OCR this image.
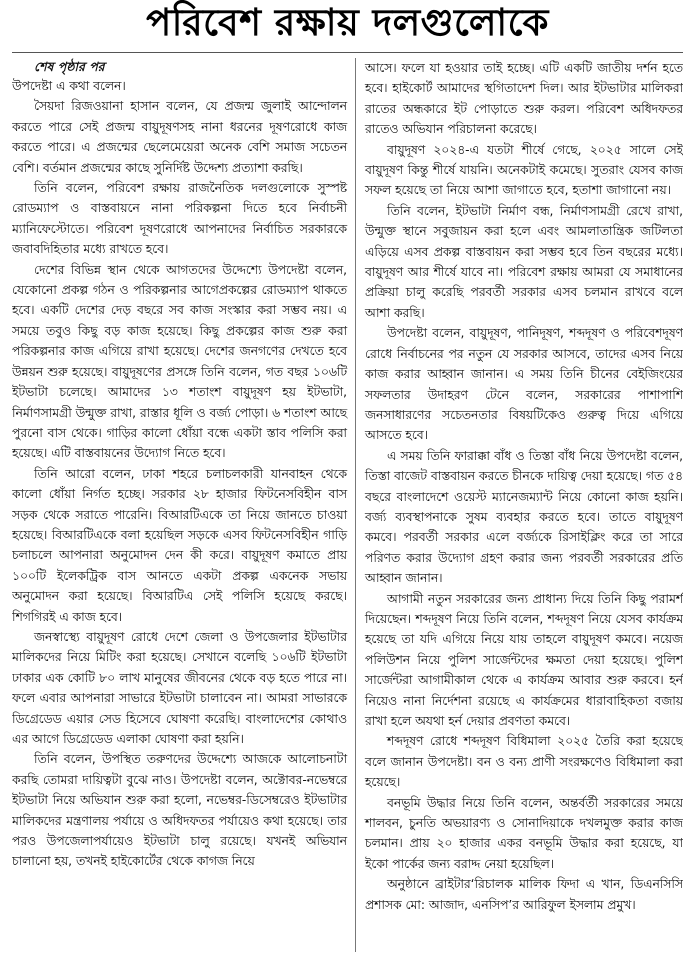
পরিবেশ রক্ষায় দলগুলোকে

শেষ পৃষ্ঠার পর

উপদেষ্টা এ কথা বলেন।

সৈয়দা রিজওয়ানা হাসান বলেন, যে প্রজন্ম জুলাই আন্দোলন করতে পারে সেই প্রজন্ম বায়ুদূষণসহ নানা ধরনের দূষণরোধে কাজ করতে পারে। এ প্রজন্মের ছেলেমেয়েরা অনেক বেশি সমাজ সচেতন বেশি। বর্তমান প্রজন্মের কাছে সুনির্দিষ্ট উদ্দেশ্য প্রত্যাশা করছি।

তিনি বলেন, পরিবেশ রক্ষায় রাজনৈতিক দলগুলোকে সুস্পষ্ট রোডম্যাপ ও বাস্তবায়নে নানা পরিকল্পনা দিতে হবে নির্বাচনী ম্যানিফেস্টোতে। পরিবেশ দূষণরোধে আপনাদের নির্বাচিত সরকারকে জবাবদিহিতার মধ্যে রাখতে হবে।

দেশের বিভিন্ন স্থান থেকে আগতদের উদ্দেশ্যে উপদেষ্টা বলেন, যেকোনো প্রকল্প গঠন ও পরিকল্পনার আগেপ্রকল্পের রোডম্যাপ থাকতে হবে। একটি দেশের দেড় বছরে সব কাজ সংস্কার করা সম্ভব নয়। এ সময়ে তবুও কিছু বড় কাজ হয়েছে। কিছু প্রকল্পের কাজ শুরু করা পরিকল্পনার কাজ এগিয়ে রাখা হয়েছে। দেশের জনগণের দেখতে হবে উন্নয়ন শুরু হয়েছে। বায়ুদূষণের প্রসঙ্গে তিনি বলেন, গত বছর ১০৬টি ইটভাটা চলেছে। আমাদের ১৩ শতাংশ বায়ুদূষণ হয় ইটভাটা, নির্মাণসামগ্রী উন্মুক্ত রাখা, রাস্তার ধূলি ও বর্জ্য পোড়া। ৬ শতাংশ আছে পুরনো বাস থেকে। গাড়ির কালো ধোঁয়া বন্ধে একটা স্তাব পলিসি করা হয়েছে। এটি বাস্তবায়নের উদ্যোগ নিতে হবে।

তিনি আরো বলেন, ঢাকা শহরে চলাচলকারী যানবাহন থেকে কালো ধোঁয়া নির্গত হচ্ছে। সরকার ২৮ হাজার ফিটনেসবিহীন বাস সড়ক থেকে সরাতে পারেনি। বিআরটিএকে তা নিয়ে জানতে চাওয়া হয়েছে। বিআরটিএকে বলা হয়েছিল সড়কে এসব ফিটনেসবিহীন গাড়ি চলাচলে আপনারা অনুমোদন দেন কী করে। বায়ুদূষণ কমাতে প্রায় ১০০টি ইলেকট্রিক বাস আনতে একটা প্রকল্প একনেক সভায় অনুমোদন করা হয়েছে। বিআরটিএ সেই পলিসি হয়েছে করছে। শিগগিরই এ কাজ হবে।

জনস্বাস্থ্যে বায়ুদূষণ রোধে দেশে জেলা ও উপজেলার ইটভাটার মালিকদের নিয়ে মিটিং করা হয়েছে। সেখানে বলেছি ১০৬টি ইটভাটা ঢাকার এক কোটি ৮০ লাখ মানুষের জীবনের থেকে বড় হতে পারে না। ফলে এবার আপনারা সাভারে ইটভাটা চালাবেন না। আমরা সাভারকে ডিগ্রেডেড এয়ার সেড হিসেবে ঘোষণা করেছি। বাংলাদেশের কোথাও এর আগে ডিগ্রেডেড এলাকা ঘোষণা করা হয়নি।

তিনি বলেন, উপস্থিত তরুণদের উদ্দেশ্যে আজকে আলোচনাটা করছি তোমরা দায়িত্বটা বুঝে নাও। উপদেষ্টা বলেন, অক্টোবর-নভেম্বরে ইটভাটা নিয়ে অভিযান শুরু করা হলো, নভেম্বর-ডিসেম্বরেও ইটভাটার মালিকদের মন্ত্রণালয় পর্যায়ে ও অধিদফতর পর্যায়েও কথা হয়েছে। তার পরও উপজেলাপর্যায়েও ইটভাটা চালু রয়েছে। যখনই অভিযান চালানো হয়, তখনই হাইকোর্টের থেকে কাগজ নিয়ে

আসে। ফলে যা হওয়ার তাই হচ্ছে। এটি একটি জাতীয় দর্শন হতে হবে। হাইকোর্ট আমাদের স্থগিতাদেশ দিল। আর ইটভাটার মালিকরা রাতের অন্ধকারে ইট পোড়াতে শুরু করল। পরিবেশ অধিদফতর রাতেও অভিযান পরিচালনা করেছে।

বায়ুদূষণ ২০২৪-এ যতটা শীর্ষে গেছে, ২০২৫ সালে সেই বায়ুদূষণ কিন্তু শীর্ষে যায়নি। অনেকটাই কমেছে। সুতরাং যেসব কাজ সফল হয়েছে তা নিয়ে আশা জাগাতে হবে, হতাশা জাগানো নয়।

তিনি বলেন, ইটভাটা নির্মাণ বন্ধ, নির্মাণসামগ্রী রেখে রাখা, উন্মুক্ত স্থানে সবুজায়ন করা হলে এবং আমলাতান্ত্রিক জটিলতা এড়িয়ে এসব প্রকল্প বাস্তবায়ন করা সম্ভব হবে তিন বছরের মধ্যে। বায়ুদূষণ আর শীর্ষে যাবে না। পরিবেশ রক্ষায় আমরা যে সমাধানের প্রক্রিয়া চালু করেছি পরবর্তী সরকার এসব চলমান রাখবে বলে আশা করছি।

উপদেষ্টা বলেন, বায়ুদূষণ, পানিদূষণ, শব্দদূষণ ও পরিবেশদূষণ রোধে নির্বাচনের পর নতুন যে সরকার আসবে, তাদের এসব নিয়ে কাজ করার আহ্বান জানান। এ সময় তিনি চীনের বেইজিংয়ের সফলতার উদাহরণ টেনে বলেন, সরকারের পাশাপাশি জনসাধারণের সচেতনতার বিষয়টিকেও গুরুত্ব দিয়ে এগিয়ে আসতে হবে।

এ সময় তিনি ফারাক্কা বাঁধ ও তিস্তা বাঁধ নিয়ে উপদেষ্টা বলেন, তিস্তা বাজেট বাস্তবায়ন করতে চীনকে দায়িত্ব দেয়া হয়েছে। গত ৫৪ বছরে বাংলাদেশে ওয়েস্ট ম্যানেজম্যান্ট নিয়ে কোনো কাজ হয়নি। বর্জ্য ব্যবস্থাপনাকে সুষম ব্যবহার করতে হবে। তাতে বায়ুদূষণ কমবে। পরবর্তী সরকার এলে বর্জ্যকে রিসাইক্লিং করে তা সারে পরিণত করার উদ্যোগ গ্রহণ করার জন্য পরবর্তী সরকারের প্রতি আহ্বান জানান।

আগামী নতুন সরকারের জন্য প্রাধান্য দিয়ে তিনি কিছু পরামর্শ দিয়েছেন। শব্দদূষণ নিয়ে তিনি বলেন, শব্দদূষণ নিয়ে যেসব কার্যক্রম হয়েছে তা যদি এগিয়ে নিয়ে যায় তাহলে বায়ুদূষণ কমবে। নয়েজ পলিউশন নিয়ে পুলিশ সার্জেন্টদের ক্ষমতা দেয়া হয়েছে। পুলিশ সার্জেন্টরা আগামীকাল থেকে এ কার্যক্রম আবার শুরু করবে। হর্ন নিয়েও নানা নির্দেশনা রয়েছে এ কার্যক্রমের ধারাবাহিকতা বজায় রাখা হলে অযথা হর্ন দেয়ার প্রবণতা কমবে।

শব্দদূষণ রোধে শব্দদূষণ বিধিমালা ২০২৫ তৈরি করা হয়েছে বলে জানান উপদেষ্টা। বন ও বন্য প্রাণী সংরক্ষণেও বিধিমালা করা হয়েছে।

বনভূমি উদ্ধার নিয়ে তিনি বলেন, অন্তর্বর্তী সরকারের সময়ে শালবন, চুনতি অভয়ারণ্য ও সোনাদিয়াকে দখলমুক্ত করার কাজ চলমান। প্রায় ২০ হাজার একর বনভূমি উদ্ধার করা হয়েছে, যা ইকো পার্কের জন্য বরাদ্দ নেয়া হয়েছিল।

অনুষ্ঠানে ব্রাইটার‘রিচালক মালিক ফিদা এ খান, ডিএনসিসি প্রশাসক মো: আজাদ, এনসিপ’র আরিফুল ইসলাম প্রমুখ।
